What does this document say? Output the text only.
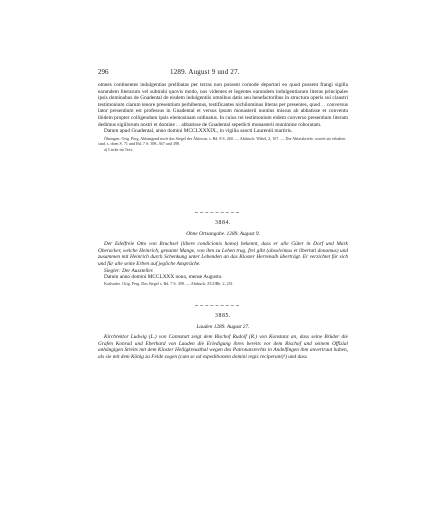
296	1289. August 9 und 27.

omnes continentes indulgentias prelibatas per terras non possent comode deportari eo quod possent frangi sigilla earundem literarum vel subtrahi quovis modo, nos videntes et legentes earundem indulgentiarum literas principales ipsis dominabus de Gnadental de eisdem indulgentiis omnibus datis seu benefactoribus in structura operis sui claustri testimonium clarum tenore presentium perhibemus, testificantes nichilominus literas per presentes, quod . . conversus lator presentium est professus in Gnadental et versus ipsum monasterii nuntius missus ab abbatisse et conventu ibidem propter colligendum ipsis elemosinam ordinatus. In cuius rei testimonium eidem converso presentium literam dedimus sigillorum nostri et domine . . abbatisse de Gnadental sepedicti monasterii munimine roboratam.

Datum apud Gnadental, anno domini MCCLXXXIX., in vigilia sancti Laurentii martiris.

Öhringen. Orig. Perg. Abhangend noch das Siegel der Äbtissin, s. Bd. 8 S. 260. — Abdruck: Wibel, 2, 107. — Die Ablassbriefe, soweit sie erhalten sind, s. oben S. 71 und Bd. 7 S. 398, 367 und 398.

a) Lücke im Text.

3884.

Ohne Ortsangabe. 1289. August 9.

Der Edelfreie Otto von Bruchsel (libere condicionis homo) bekennt, dass er alle Güter in Dorf und Mark Oberacker, welche Heinrich, genannt Mange, von ihm zu Lehen trug, frei gibt (absolvimus et libertati donamus) und zusammen mit Heinrich durch Schenkung unter Lebenden an das Kloster Herrenalb überträgt. Er verzichtet für sich und für alle seine Erben auf jegliche Ansprüche.

Siegler: Der Aussteller.

Datum anno domini MCCLXXX nono, mense Augusto.

Karlsruhe. Orig. Perg. Das Siegel s. Bd. 7 S. 308. — Abdruck: ZGORh. 2, 251.

3885.

Lauden 1289. August 27.

Kirchrektor Ludwig (L.) von Cannstatt zeigt dem Bischof Rudolf (R.) von Konstanz an, dass seine Brüder die Grafen Konrad und Eberhard von Lauden die Erledigung ihres bereits vor dem Bischof und seinem Offizial anhängigen Streits mit dem Kloster Heiligkreuzthal wegen des Patronatsrechts in Andelfingen ihm anvertraut haben, als sie mit dem König zu Felde zogen (cum se ad expeditionem domini regis reciperunt)¹) und dass
